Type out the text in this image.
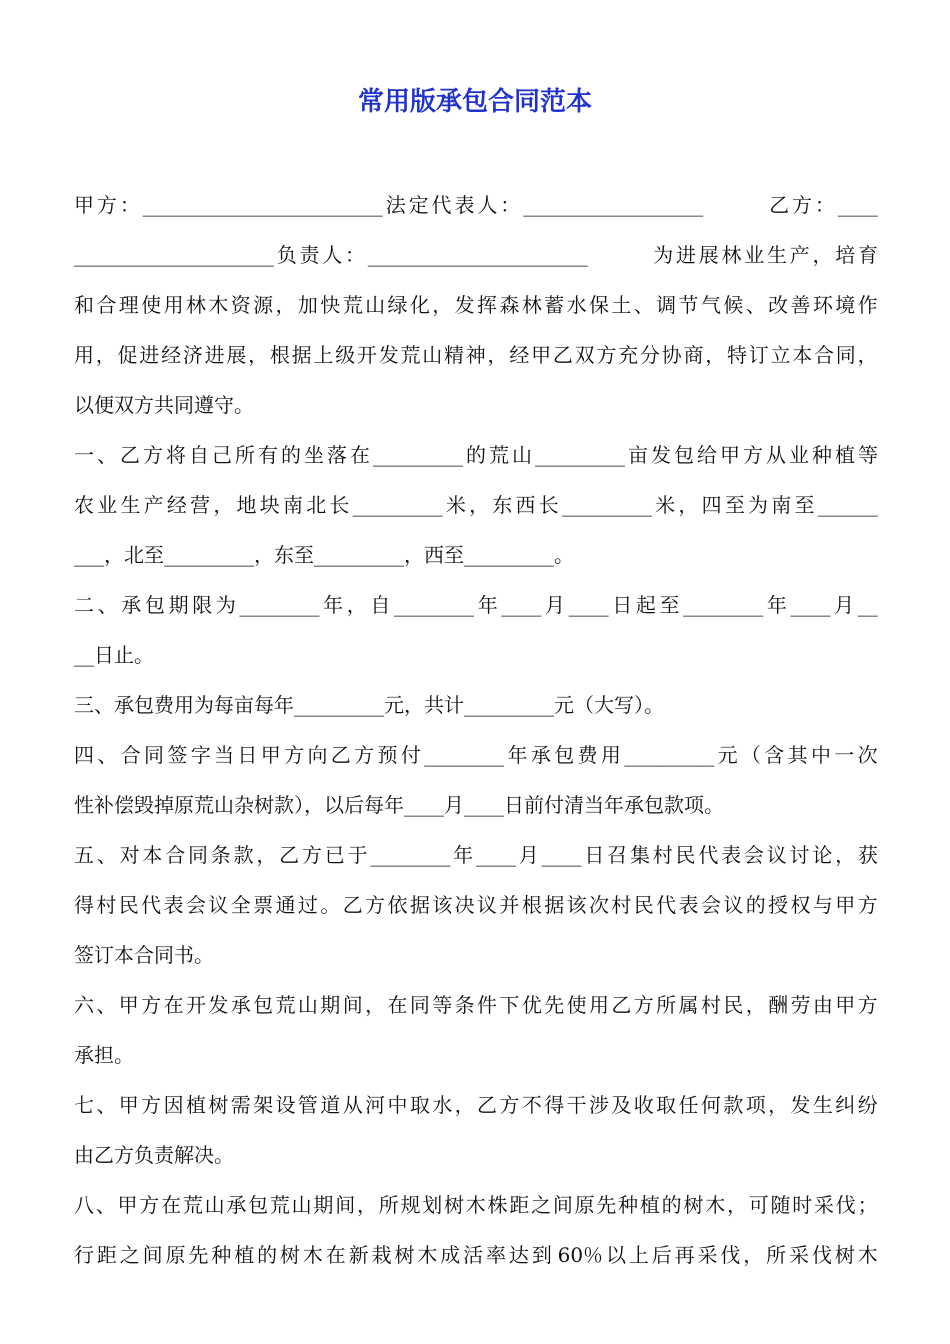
常用版承包合同范本
甲 方 ： ________________________ 法 定 代 表 人 ： __________________
　　　	乙 方 ： ____
____________________ 负 责 人 ： ______________________
　　　	为 进 展 林 业 生 产 ， 培 育
和 合 理 使 用 林 木 资 源 ， 加 快 荒 山 绿 化 ， 发 挥 森 林 蓄 水 保 土 、 调 节 气 候 、 改 善 环 境 作
用 ， 促 进 经 济 进 展 ， 根 据 上 级 开 发 荒 山 精 神 ， 经 甲 乙 双 方 充 分 协 商 ， 特 订 立 本 合 同 ，
以便双方共同遵守。
一 、 乙 方 将 自 己 所 有 的 坐 落 在 _________ 的 荒 山 _________ 亩 发 包 给 甲 方 从 业 种 植 等
农 业 生 产 经 营 ， 地 块 南 北 长 _________ 米 ， 东 西 长 _________ 米 ， 四 至 为 南 至 ______
___，北至_________，东至_________，西至_________。
二 、 承 包 期 限 为 ________ 年 ， 自 ________ 年 ____ 月 ____ 日 起 至 ________ 年 ____ 月 __
__日止。
三、承包费用为每亩每年_________元，共计_________元（大写）。
四 、 合 同 签 字 当 日 甲 方 向 乙 方 预 付 ________ 年 承 包 费 用 _________ 元 （ 含 其 中 一 次
性补偿毁掉原荒山杂树款），以后每年____月____日前付清当年承包款项。
五 、 对 本 合 同 条 款 ， 乙 方 已 于 ________ 年 ____ 月 ____ 日 召 集 村 民 代 表 会 议 讨 论 ， 获
得 村 民 代 表 会 议 全 票 通 过 。 乙 方 依 据 该 决 议 并 根 据 该 次 村 民 代 表 会 议 的 授 权 与 甲 方
签订本合同书。
六 、 甲 方 在 开 发 承 包 荒 山 期 间 ， 在 同 等 条 件 下 优 先 使 用 乙 方 所 属 村 民 ， 酬 劳 由 甲 方
承担。
七 、 甲 方 因 植 树 需 架 设 管 道 从 河 中 取 水 ， 乙 方 不 得 干 涉 及 收 取 任 何 款 项 ， 发 生 纠 纷
由乙方负责解决。
八 、 甲 方 在 荒 山 承 包 荒 山 期 间 ， 所 规 划 树 木 株 距 之 间 原 先 种 植 的 树 木 ， 可 随 时 采 伐 ；
行 距 之 间 原 先 种 植 的 树 木 在 新 栽 树 木 成 活 率 达 到 60％ 以 上 后 再 采 伐 ， 所 采 伐 树 木
